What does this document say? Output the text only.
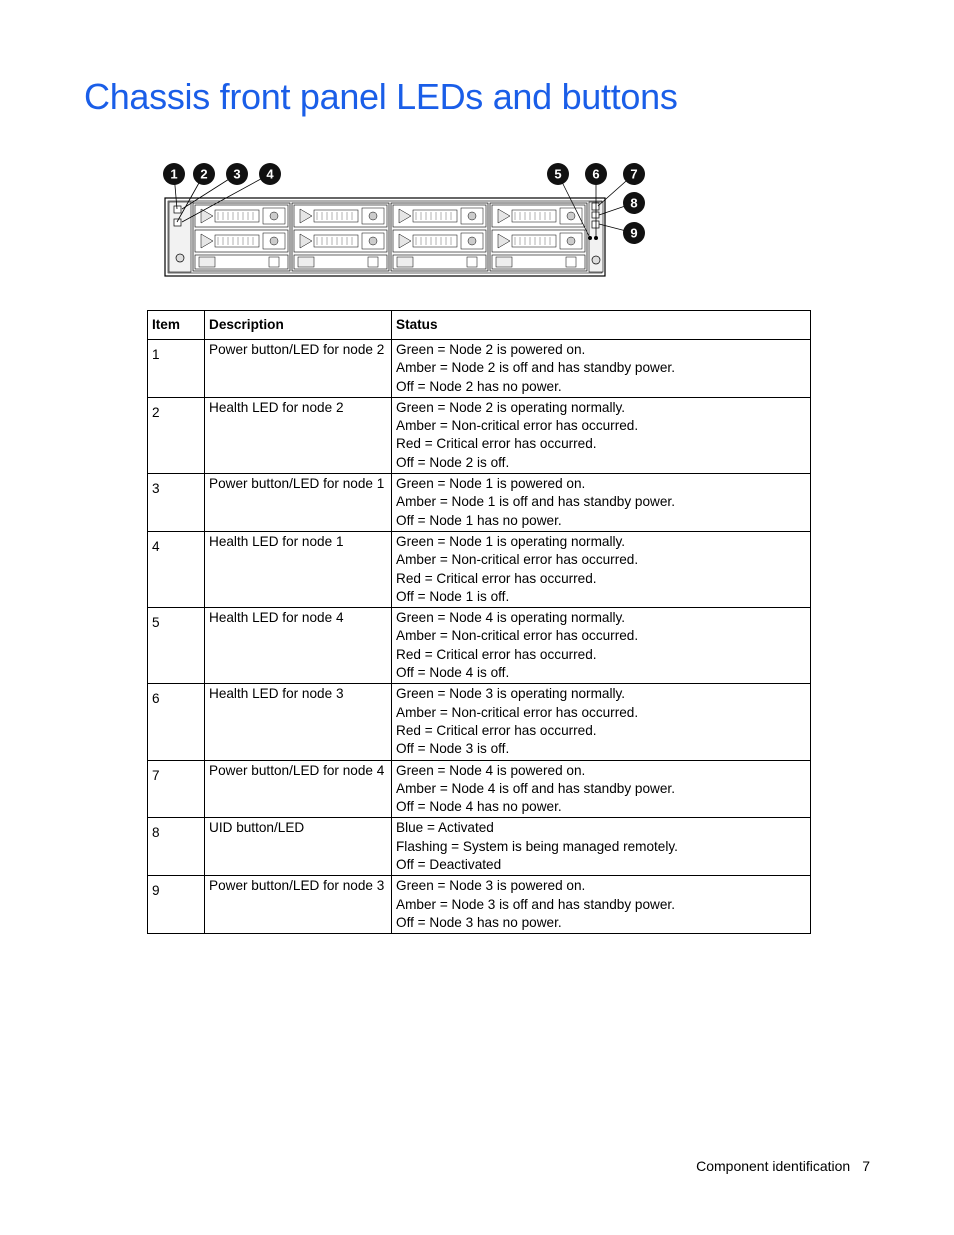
Chassis front panel LEDs and buttons
1 2 3 4	5 6 7
8
9
Item	Description	Status
1	Power button/LED for node 2	Green = Node 2 is powered on.
Amber = Node 2 is off and has standby power.
Off = Node 2 has no power.

2	Health LED for node 2	Green = Node 2 is operating normally.
Amber = Non-critical error has occurred.
Red = Critical error has occurred.
Off = Node 2 is off.

3	Power button/LED for node 1	Green = Node 1 is powered on.
Amber = Node 1 is off and has standby power.
Off = Node 1 has no power.

4	Health LED for node 1	Green = Node 1 is operating normally.
Amber = Non-critical error has occurred.
Red = Critical error has occurred.
Off = Node 1 is off.

5	Health LED for node 4	Green = Node 4 is operating normally.
Amber = Non-critical error has occurred.
Red = Critical error has occurred.
Off = Node 4 is off.

6	Health LED for node 3	Green = Node 3 is operating normally.
Amber = Non-critical error has occurred.
Red = Critical error has occurred.
Off = Node 3 is off.

7	Power button/LED for node 4	Green = Node 4 is powered on.
Amber = Node 4 is off and has standby power.
Off = Node 4 has no power.

8	UID button/LED	Blue = Activated
Flashing = System is being managed remotely.
Off = Deactivated

9	Power button/LED for node 3	Green = Node 3 is powered on.
Amber = Node 3 is off and has standby power.
Off = Node 3 has no power.
Component identification 7
